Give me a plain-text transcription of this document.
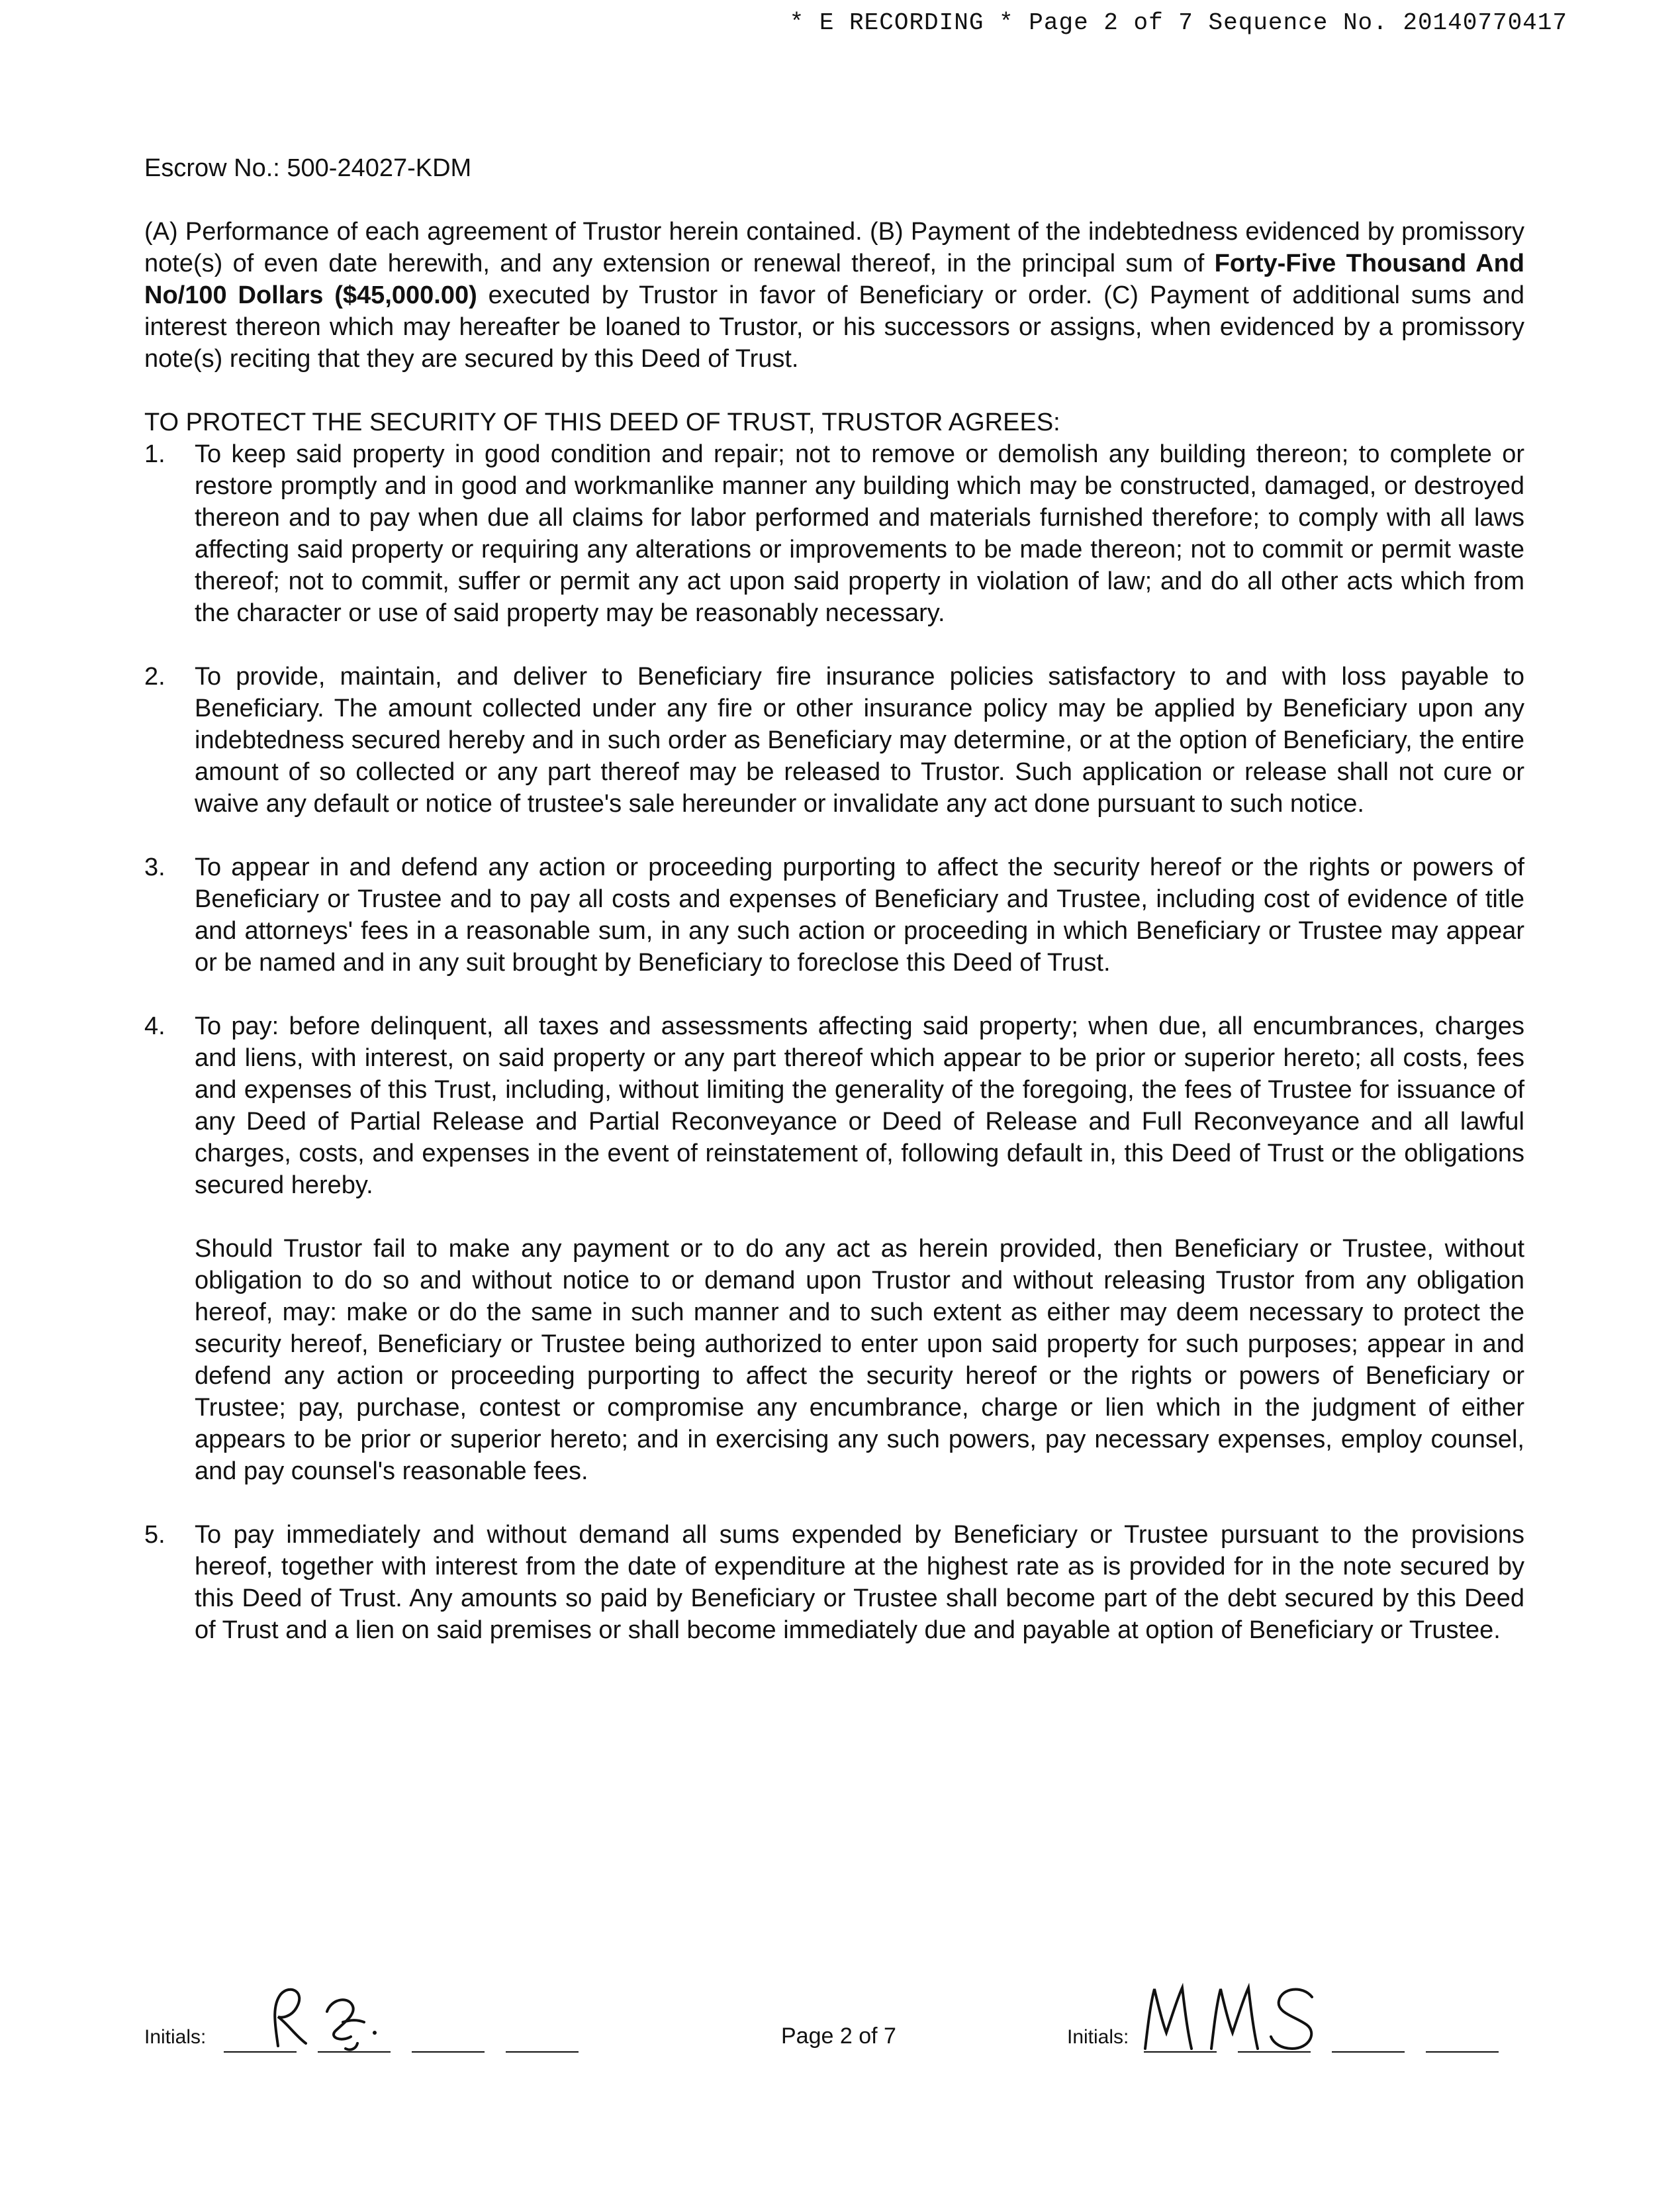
* E RECORDING * Page 2 of 7 Sequence No. 20140770417

Escrow No.: 500-24027-KDM

(A) Performance of each agreement of Trustor herein contained. (B) Payment of the indebtedness evidenced by promissory note(s) of even date herewith, and any extension or renewal thereof, in the principal sum of Forty-Five Thousand And No/100 Dollars ($45,000.00) executed by Trustor in favor of Beneficiary or order. (C) Payment of additional sums and interest thereon which may hereafter be loaned to Trustor, or his successors or assigns, when evidenced by a promissory note(s) reciting that they are secured by this Deed of Trust.

TO PROTECT THE SECURITY OF THIS DEED OF TRUST, TRUSTOR AGREES:

1.	To keep said property in good condition and repair; not to remove or demolish any building thereon; to complete or restore promptly and in good and workmanlike manner any building which may be constructed, damaged, or destroyed thereon and to pay when due all claims for labor performed and materials furnished therefore; to comply with all laws affecting said property or requiring any alterations or improvements to be made thereon; not to commit or permit waste thereof; not to commit, suffer or permit any act upon said property in violation of law; and do all other acts which from the character or use of said property may be reasonably necessary.

2.	To provide, maintain, and deliver to Beneficiary fire insurance policies satisfactory to and with loss payable to Beneficiary. The amount collected under any fire or other insurance policy may be applied by Beneficiary upon any indebtedness secured hereby and in such order as Beneficiary may determine, or at the option of Beneficiary, the entire amount of so collected or any part thereof may be released to Trustor. Such application or release shall not cure or waive any default or notice of trustee's sale hereunder or invalidate any act done pursuant to such notice.

3.	To appear in and defend any action or proceeding purporting to affect the security hereof or the rights or powers of Beneficiary or Trustee and to pay all costs and expenses of Beneficiary and Trustee, including cost of evidence of title and attorneys' fees in a reasonable sum, in any such action or proceeding in which Beneficiary or Trustee may appear or be named and in any suit brought by Beneficiary to foreclose this Deed of Trust.

4.	To pay: before delinquent, all taxes and assessments affecting said property; when due, all encumbrances, charges and liens, with interest, on said property or any part thereof which appear to be prior or superior hereto; all costs, fees and expenses of this Trust, including, without limiting the generality of the foregoing, the fees of Trustee for issuance of any Deed of Partial Release and Partial Reconveyance or Deed of Release and Full Reconveyance and all lawful charges, costs, and expenses in the event of reinstatement of, following default in, this Deed of Trust or the obligations secured hereby.

Should Trustor fail to make any payment or to do any act as herein provided, then Beneficiary or Trustee, without obligation to do so and without notice to or demand upon Trustor and without releasing Trustor from any obligation hereof, may: make or do the same in such manner and to such extent as either may deem necessary to protect the security hereof, Beneficiary or Trustee being authorized to enter upon said property for such purposes; appear in and defend any action or proceeding purporting to affect the security hereof or the rights or powers of Beneficiary or Trustee; pay, purchase, contest or compromise any encumbrance, charge or lien which in the judgment of either appears to be prior or superior hereto; and in exercising any such powers, pay necessary expenses, employ counsel, and pay counsel's reasonable fees.

5.	To pay immediately and without demand all sums expended by Beneficiary or Trustee pursuant to the provisions hereof, together with interest from the date of expenditure at the highest rate as is provided for in the note secured by this Deed of Trust. Any amounts so paid by Beneficiary or Trustee shall become part of the debt secured by this Deed of Trust and a lien on said premises or shall become immediately due and payable at option of Beneficiary or Trustee.

Initials:	Page 2 of 7	Initials:
